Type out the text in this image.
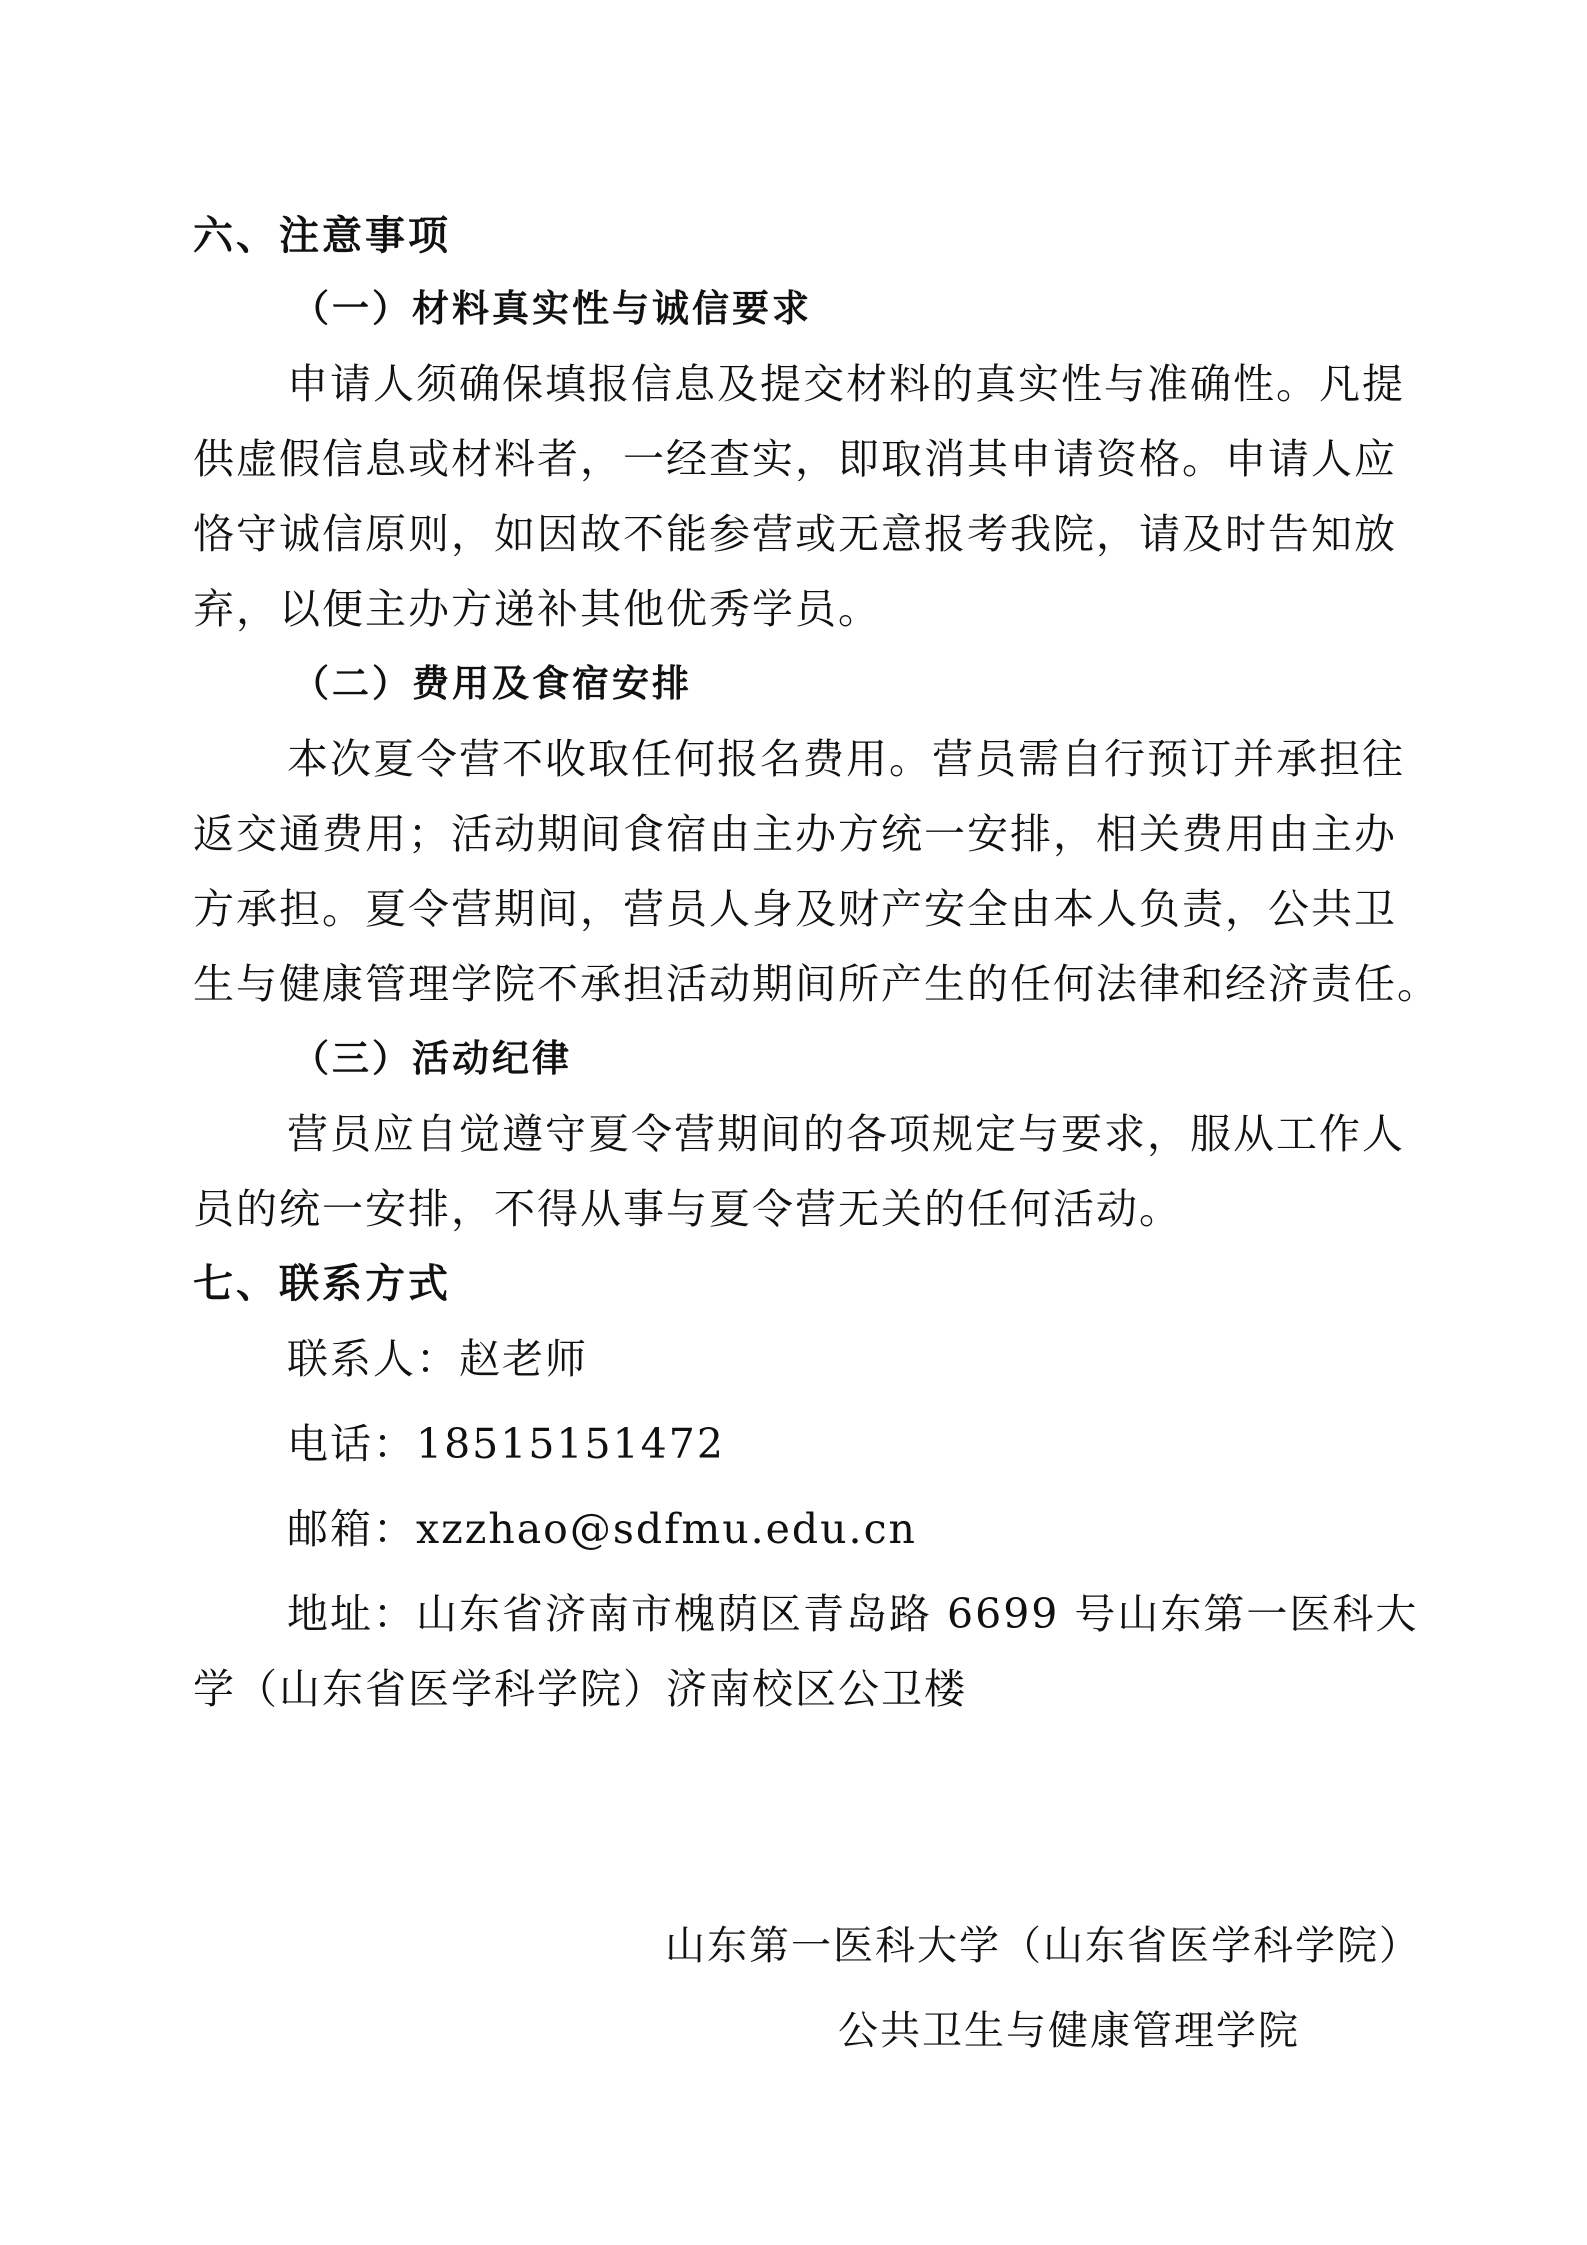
六、注意事项
（一）材料真实性与诚信要求
申请人须确保填报信息及提交材料的真实性与准确性。凡提
供虚假信息或材料者，一经查实，即取消其申请资格。申请人应
恪守诚信原则，如因故不能参营或无意报考我院，请及时告知放
弃，以便主办方递补其他优秀学员。
（二）费用及食宿安排
本次夏令营不收取任何报名费用。营员需自行预订并承担往
返交通费用；活动期间食宿由主办方统一安排，相关费用由主办
方承担。夏令营期间，营员人身及财产安全由本人负责，公共卫
生与健康管理学院不承担活动期间所产生的任何法律和经济责任。
（三）活动纪律
营员应自觉遵守夏令营期间的各项规定与要求，服从工作人
员的统一安排，不得从事与夏令营无关的任何活动。
七、联系方式
联系人：赵老师
电话：18515151472
邮箱：xzzhao@sdfmu.edu.cn
地址：山东省济南市槐荫区青岛路 6699 号山东第一医科大
学（山东省医学科学院）济南校区公卫楼
山东第一医科大学（山东省医学科学院）
公共卫生与健康管理学院
